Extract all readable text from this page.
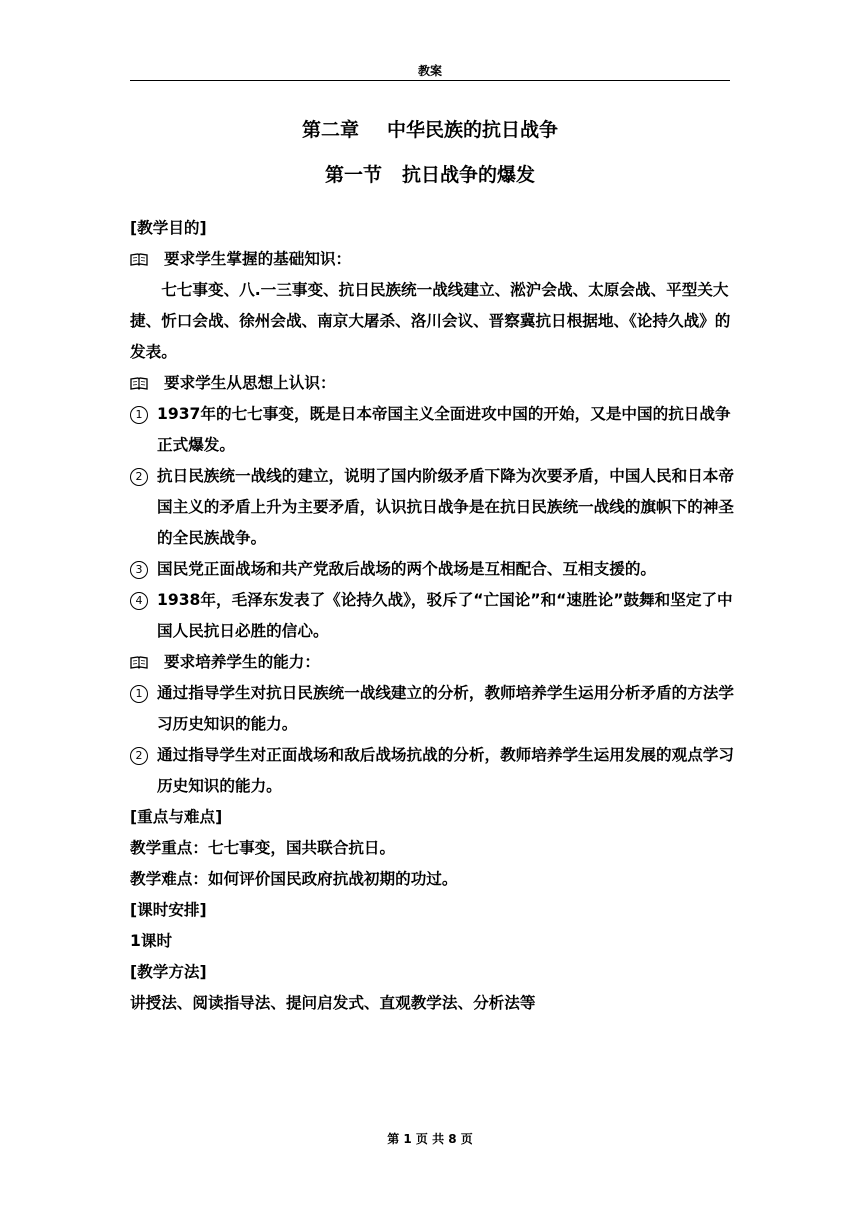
教案
第二章 中华民族的抗日战争
第一节 抗日战争的爆发

[教学目的]

要求学生掌握的基础知识：

七七事变、八.一三事变、抗日民族统一战线建立、淞沪会战、太原会战、平型关大捷、忻口会战、徐州会战、南京大屠杀、洛川会议、晋察冀抗日根据地、《论持久战》的发表。

要求学生从思想上认识：
1 1937年的七七事变，既是日本帝国主义全面进攻中国的开始，又是中国的抗日战争正式爆发。
2 抗日民族统一战线的建立，说明了国内阶级矛盾下降为次要矛盾，中国人民和日本帝国主义的矛盾上升为主要矛盾，认识抗日战争是在抗日民族统一战线的旗帜下的神圣的全民族战争。
3 国民党正面战场和共产党敌后战场的两个战场是互相配合、互相支援的。
4 1938年，毛泽东发表了《论持久战》，驳斥了“亡国论”和“速胜论”鼓舞和坚定了中国人民抗日必胜的信心。
要求培养学生的能力：
1 通过指导学生对抗日民族统一战线建立的分析，教师培养学生运用分析矛盾的方法学习历史知识的能力。
2 通过指导学生对正面战场和敌后战场抗战的分析，教师培养学生运用发展的观点学习历史知识的能力。

[重点与难点]

教学重点：七七事变，国共联合抗日。

教学难点：如何评价国民政府抗战初期的功过。

[课时安排]

1课时

[教学方法]

讲授法、阅读指导法、提问启发式、直观教学法、分析法等

第 1 页 共 8 页
